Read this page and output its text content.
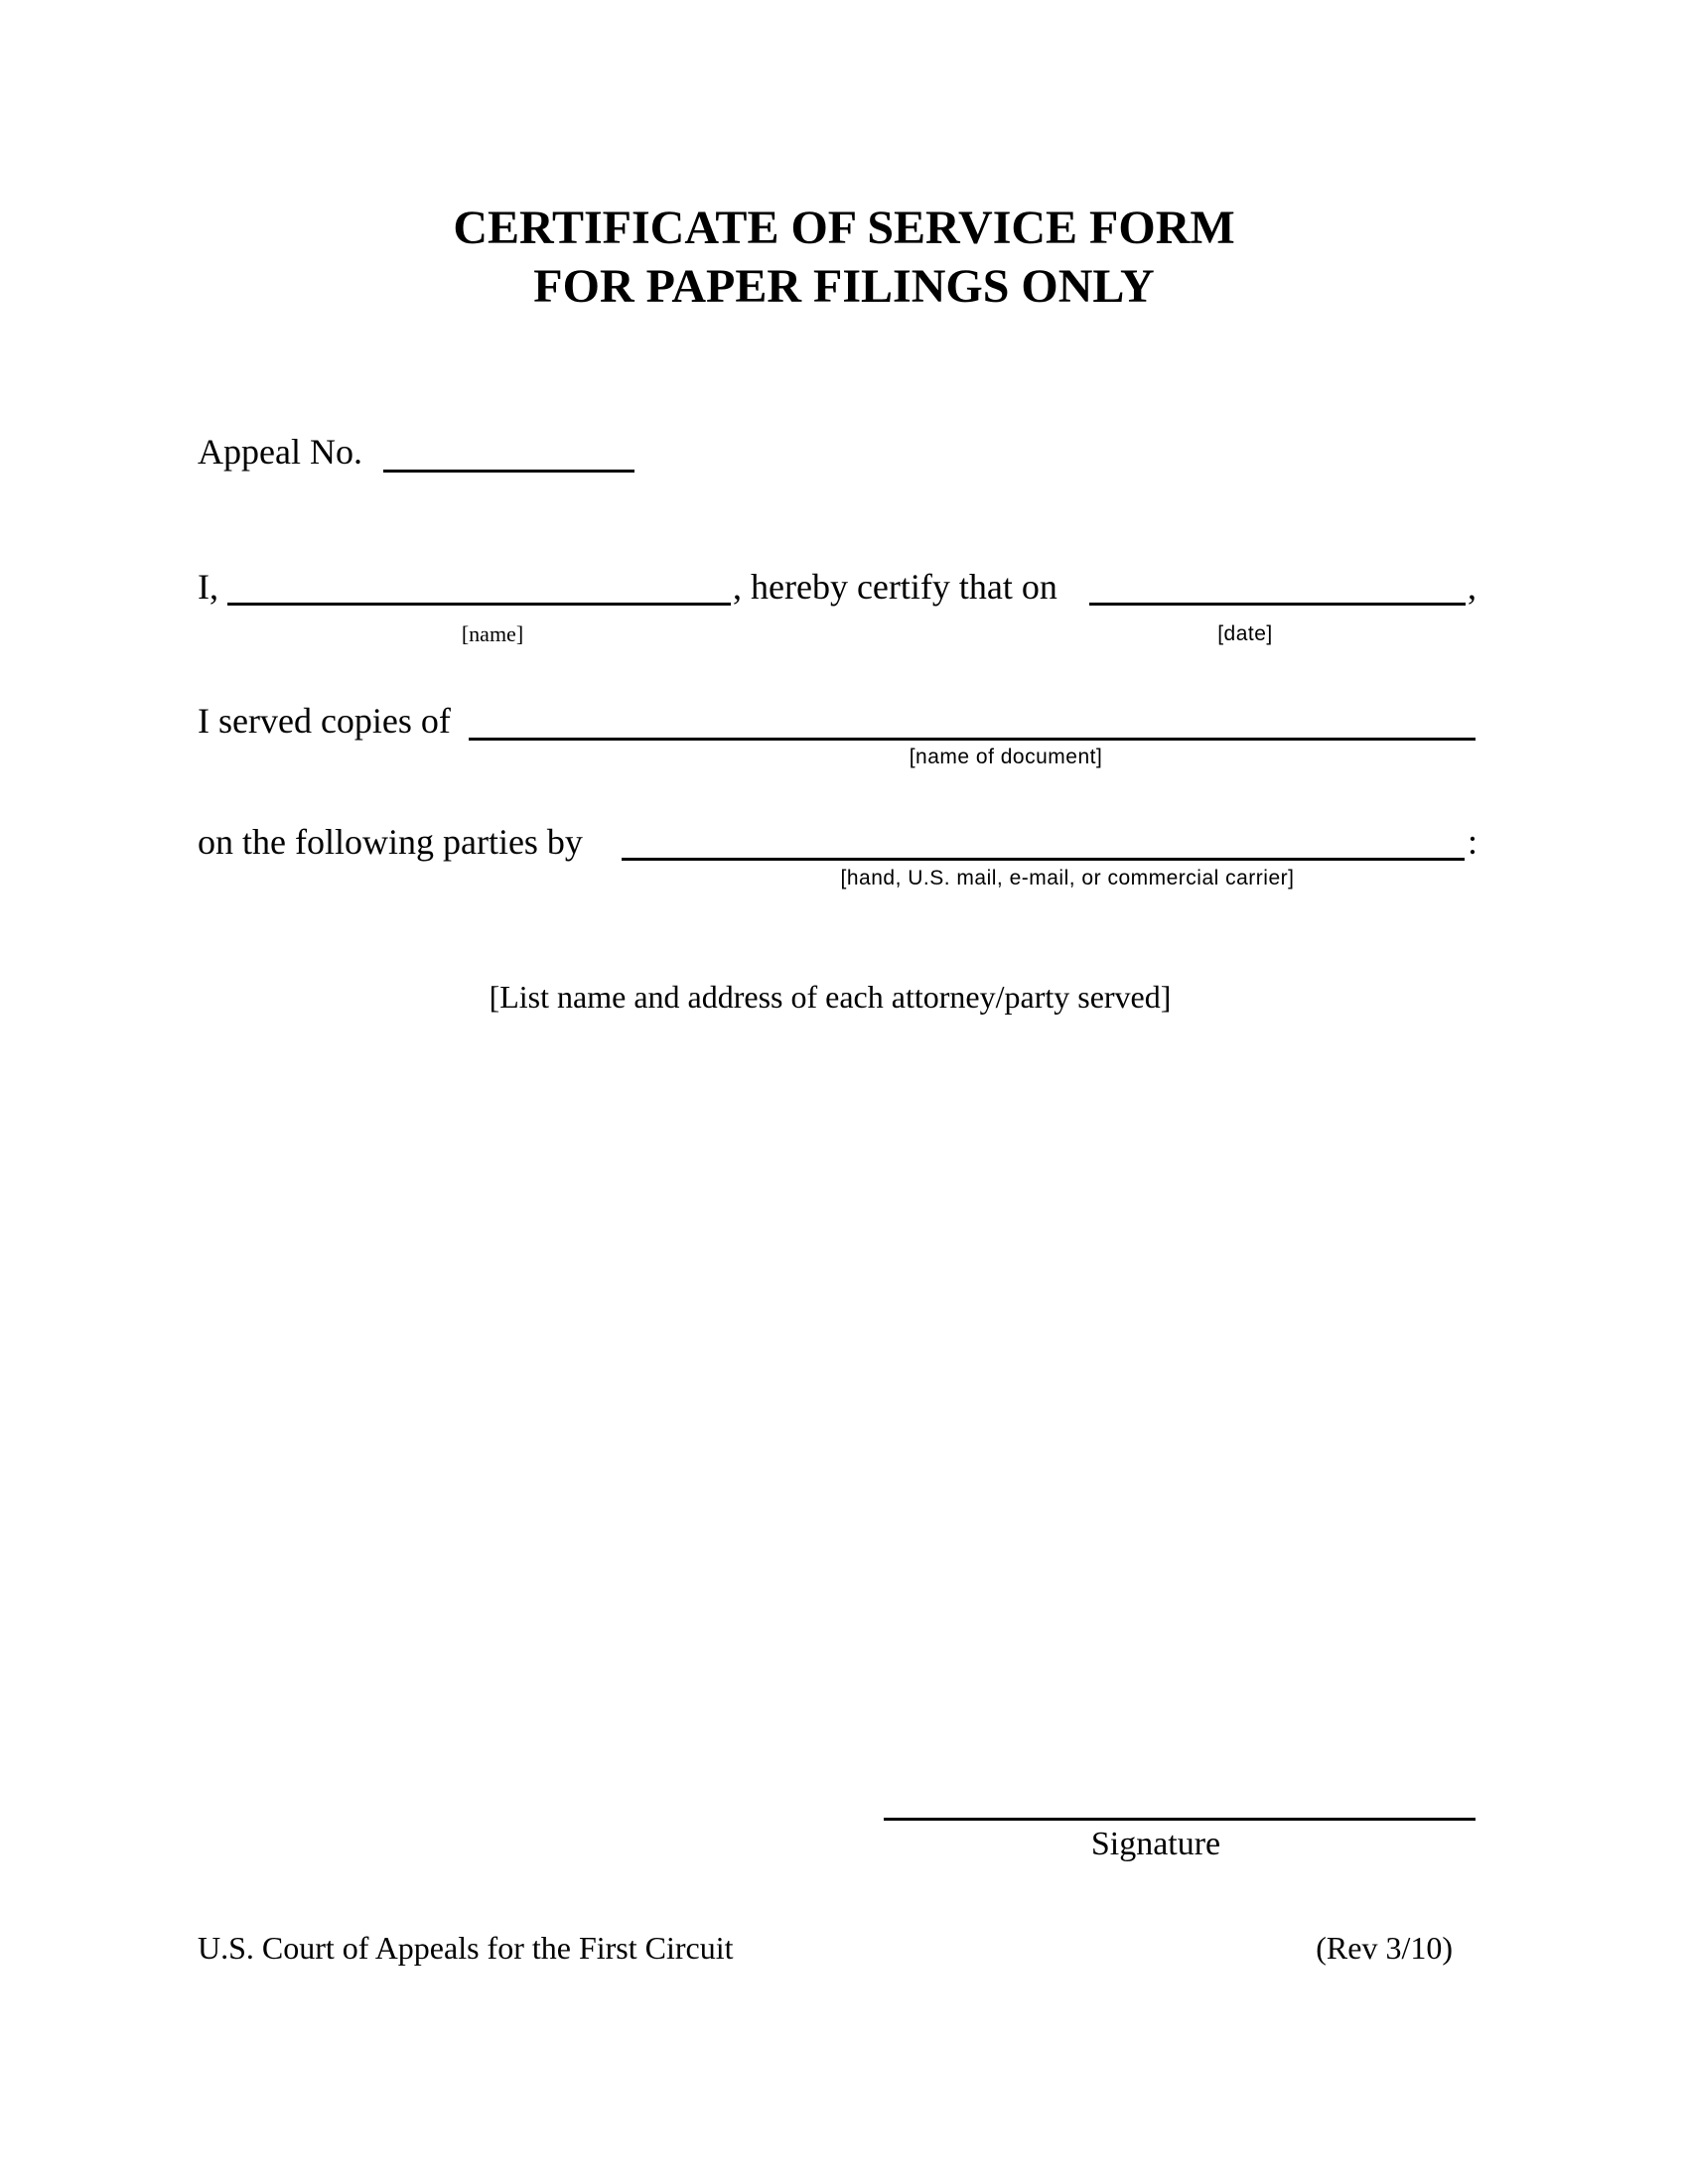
CERTIFICATE OF SERVICE FORM
FOR PAPER FILINGS ONLY
Appeal No.
I,	, hereby certify that on	,
[name]	[date]
I served copies of
[name of document]
on the following parties by	:
[hand, U.S. mail, e-mail, or commercial carrier]
[List name and address of each attorney/party served]
Signature
U.S. Court of Appeals for the First Circuit	(Rev 3/10)
